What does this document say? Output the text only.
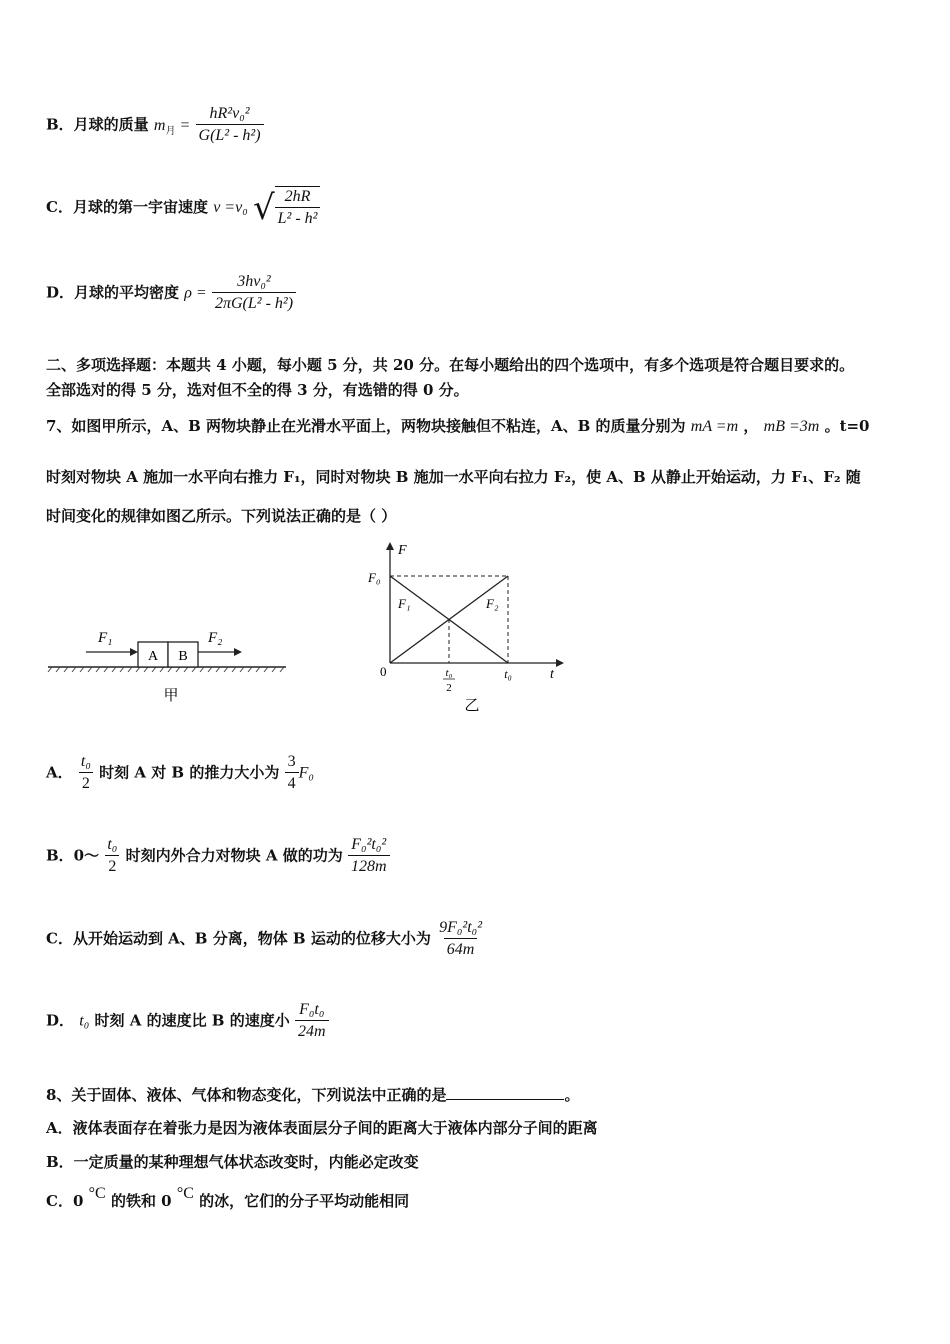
B．月球的质量 $m_月 = \frac{\text{hR²v₀²}}{\text{G(L² - h²)}}$
C．月球的第一宇宙速度 v =v₀ √ $\frac{2hR}{\text{L² - h²}}$
D．月球的平均密度 $\rho = \frac{\text{3hv₀²}}{\text{2πG(L² - h²)}}$
二、多项选择题：本题共 4 小题，每小题 5 分，共 20 分。在每小题给出的四个选项中，有多个选项是符合题目要求的。
全部选对的得 5 分，选对但不全的得 3 分，有选错的得 0 分。
7、如图甲所示，A、B 两物块静止在光滑水平面上，两物块接触但不粘连，A、B 的质量分别为 mA =m ， mB =3m 。t=0
时刻对物块 A 施加一水平向右推力 F₁，同时对物块 B 施加一水平向右拉力 F₂，使 A、B 从静止开始运动，力 F₁、F₂ 随
时间变化的规律如图乙所示。下列说法正确的是（ ）
A B
F₁	F₂
甲
F
t
0
F₀
F₁	F₂
t₀
2
t₀
乙
A． $\frac{\text{t₀}}{2}$ 时刻 A 对 B 的推力大小为 $\frac{3}{4} F_0$
B．0～ $\frac{\text{t₀}}{2}$ 时刻内外合力对物块 A 做的功为 $\frac{\text{F₀²t₀²}}{128m}$
C．从开始运动到 A、B 分离，物体 B 运动的位移大小为 $\frac{\text{9F₀²t₀²}}{64m}$
D． t₀ 时刻 A 的速度比 B 的速度小 $\frac{\text{F₀t₀}}{24m}$
8、关于固体、液体、气体和物态变化，下列说法中正确的是	。
A．液体表面存在着张力是因为液体表面层分子间的距离大于液体内部分子间的距离
B．一定质量的某种理想气体状态改变时，内能必定改变
C．0 °C 的铁和 0 °C 的冰，它们的分子平均动能相同
